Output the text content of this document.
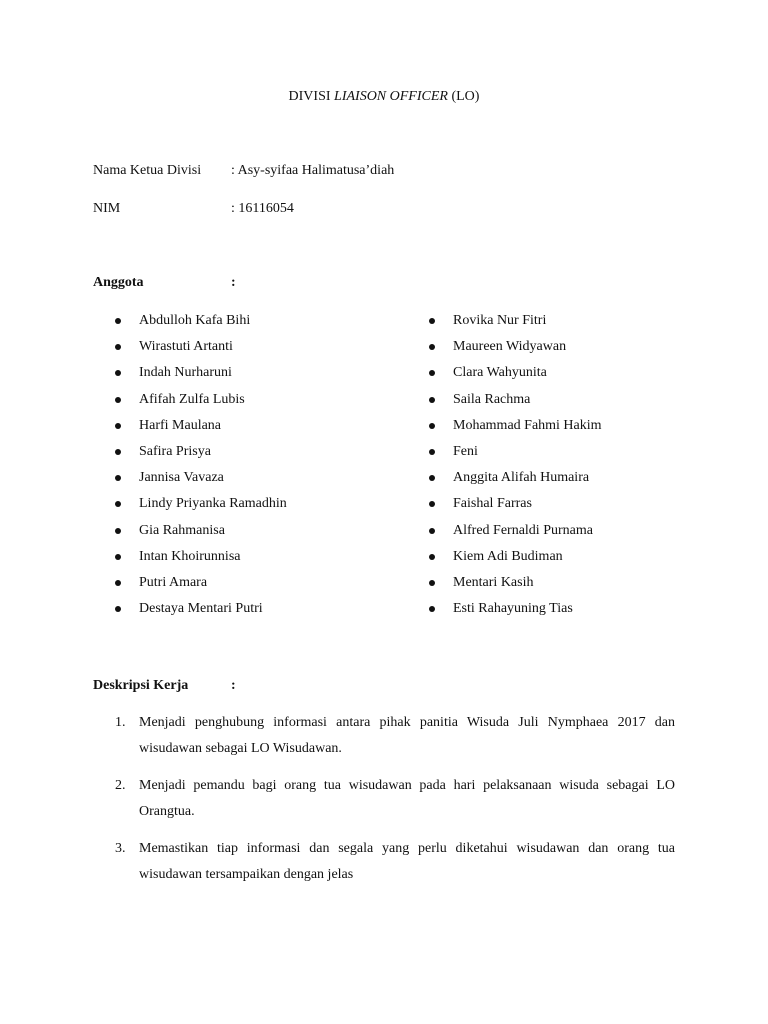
DIVISI LIAISON OFFICER (LO)
Nama Ketua Divisi : Asy-syifaa Halimatusa’diah
NIM	: 16116054
Anggota	:
Abdulloh Kafa Bihi
Wirastuti Artanti
Indah Nurharuni
Afifah Zulfa Lubis
Harfi Maulana
Safira Prisya
Jannisa Vavaza
Lindy Priyanka Ramadhin
Gia Rahmanisa
Intan Khoirunnisa
Putri Amara
Destaya Mentari Putri
Rovika Nur Fitri
Maureen Widyawan
Clara Wahyunita
Saila Rachma
Mohammad Fahmi Hakim
Feni
Anggita Alifah Humaira
Faishal Farras
Alfred Fernaldi Purnama
Kiem Adi Budiman
Mentari Kasih
Esti Rahayuning Tias
Deskripsi Kerja	:
1. Menjadi penghubung informasi antara pihak panitia Wisuda Juli Nymphaea 2017 dan wisudawan sebagai LO Wisudawan.
2. Menjadi pemandu bagi orang tua wisudawan pada hari pelaksanaan wisuda sebagai LO Orangtua.
3. Memastikan tiap informasi dan segala yang perlu diketahui wisudawan dan orang tua wisudawan tersampaikan dengan jelas
